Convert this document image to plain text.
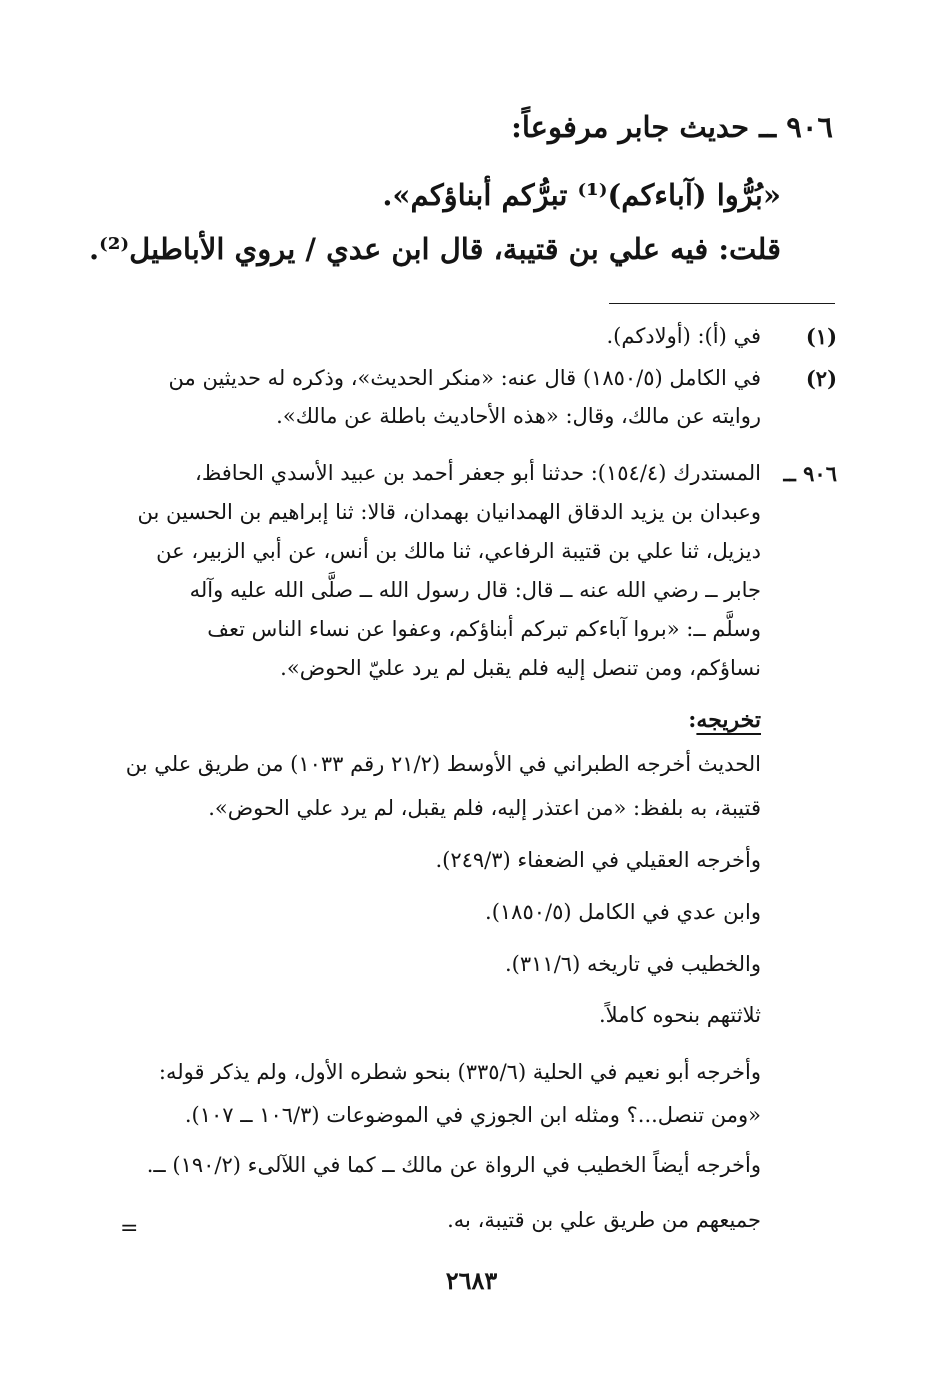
٩٠٦ ــ حديث جابر مرفوعاً:
«بُرُّوا (آباءكم)⁽¹⁾ تبرُّكم أبناؤكم».
قلت: فيه علي بن قتيبة، قال ابن عدي / يروي الأباطيل⁽²⁾.
(١)
في (أ): (أولادكم).
(٢)
في الكامل (١٨٥٠/٥) قال عنه: «منكر الحديث»، وذكره له حديثين من
روايته عن مالك، وقال: «هذه الأحاديث باطلة عن مالك».
٩٠٦ ــ
المستدرك (١٥٤/٤): حدثنا أبو جعفر أحمد بن عبيد الأسدي الحافظ،
وعبدان بن يزيد الدقاق الهمدانيان بهمدان، قالا: ثنا إبراهيم بن الحسين بن
ديزيل، ثنا علي بن قتيبة الرفاعي، ثنا مالك بن أنس، عن أبي الزبير، عن
جابر ــ رضي الله عنه ــ قال: قال رسول الله ــ صلَّى الله عليه وآله
وسلَّم ــ: «بروا آباءكم تبركم أبناؤكم، وعفوا عن نساء الناس تعف
نساؤكم، ومن تنصل إليه فلم يقبل لم يرد عليّ الحوض».
تخريجه:
الحديث أخرجه الطبراني في الأوسط (٢١/٢ رقم ١٠٣٣) من طريق علي بن
قتيبة، به بلفظ: «من اعتذر إليه، فلم يقبل، لم يرد علي الحوض».
وأخرجه العقيلي في الضعفاء (٢٤٩/٣).
وابن عدي في الكامل (١٨٥٠/٥).
والخطيب في تاريخه (٣١١/٦).
ثلاثتهم بنحوه كاملاً.
وأخرجه أبو نعيم في الحلية (٣٣٥/٦) بنحو شطره الأول، ولم يذكر قوله:
«ومن تنصل...؟ ومثله ابن الجوزي في الموضوعات (١٠٦/٣ ــ ١٠٧).
وأخرجه أيضاً الخطيب في الرواة عن مالك ــ كما في اللآلىء (١٩٠/٢) ــ.
جميعهم من طريق علي بن قتيبة، به.
=
٢٦٨٣
